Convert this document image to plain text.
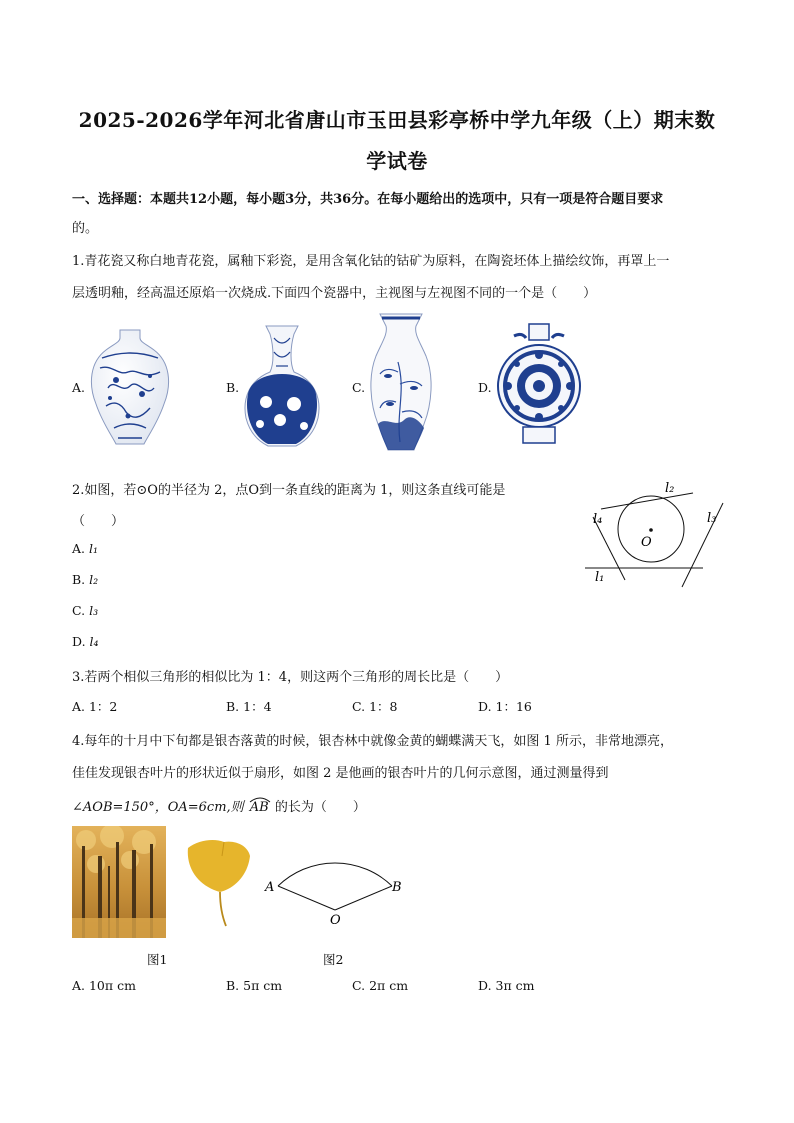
2025-2026学年河北省唐山市玉田县彩亭桥中学九年级（上）期末数
学试卷
一、选择题：本题共12小题，每小题3分，共36分。在每小题给出的选项中，只有一项是符合题目要求
的。
1.青花瓷又称白地青花瓷，属釉下彩瓷，是用含氧化钴的钴矿为原料，在陶瓷坯体上描绘纹饰，再罩上一
层透明釉，经高温还原焰一次烧成.下面四个瓷器中，主视图与左视图不同的一个是（　　）
A.	B.	C.	D.
2.如图，若⊙O的半径为 2，点O到一条直线的距离为 1，则这条直线可能是
（　　）
A. l₁
B. l₂
C. l₃
D. l₄
l₂
l₃
l₄
l₁
O
3.若两个相似三角形的相似比为 1：4，则这两个三角形的周长比是（　　）
A. 1：2	B. 1：4	C. 1：8	D. 1：16
4.每年的十月中下旬都是银杏落黄的时候，银杏林中就像金黄的蝴蝶满天飞，如图 1 所示，非常地漂亮，
佳佳发现银杏叶片的形状近似于扇形，如图 2 是他画的银杏叶片的几何示意图，通过测量得到
∠AOB=150°，OA=6cm,则 AB 的长为（　　）
A	B
O
图1	图2
A. 10π cm	B. 5π cm	C. 2π cm	D. 3π cm
